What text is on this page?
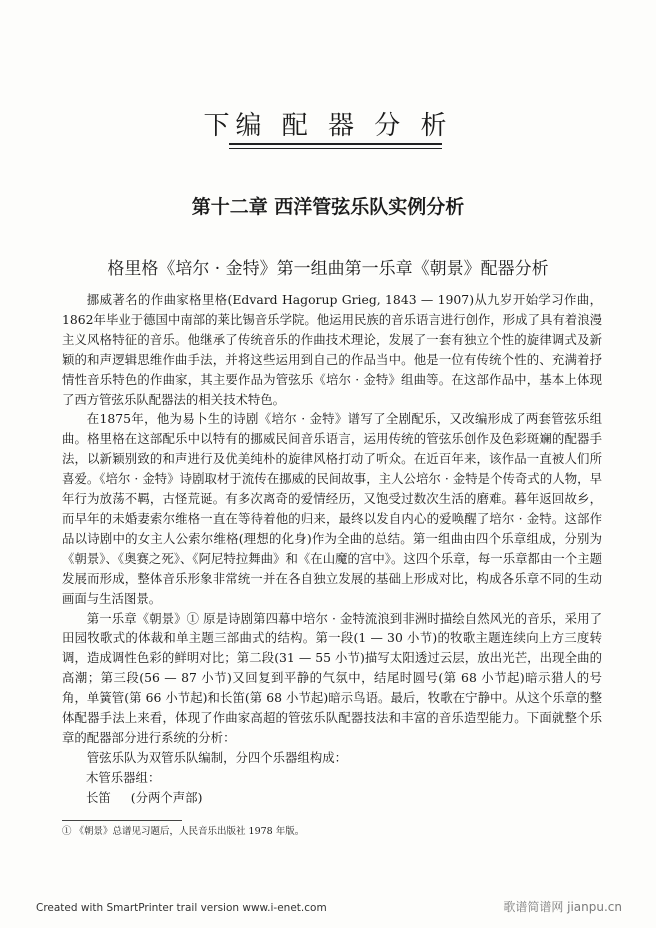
下编 配 器 分 析
第十二章 西洋管弦乐队实例分析
格里格《培尔 · 金特》第一组曲第一乐章《朝景》配器分析

挪威著名的作曲家格里格(Edvard Hagorup Grieg, 1843 — 1907)从九岁开始学习作曲，1862年毕业于德国中南部的莱比锡音乐学院。他运用民族的音乐语言进行创作，形成了具有着浪漫主义风格特征的音乐。他继承了传统音乐的作曲技术理论，发展了一套有独立个性的旋律调式及新颖的和声逻辑思维作曲手法，并将这些运用到自己的作品当中。他是一位有传统个性的、充满着抒情性音乐特色的作曲家，其主要作品为管弦乐《培尔 · 金特》组曲等。在这部作品中，基本上体现了西方管弦乐队配器法的相关技术特色。

在1875年，他为易卜生的诗剧《培尔 · 金特》谱写了全剧配乐，又改编形成了两套管弦乐组曲。格里格在这部配乐中以特有的挪威民间音乐语言，运用传统的管弦乐创作及色彩斑斓的配器手法，以新颖别致的和声进行及优美纯朴的旋律风格打动了听众。在近百年来，该作品一直被人们所喜爱。《培尔 · 金特》诗剧取材于流传在挪威的民间故事，主人公培尔 · 金特是个传奇式的人物，早年行为放荡不羁，古怪荒诞。有多次离奇的爱情经历，又饱受过数次生活的磨难。暮年返回故乡，而早年的未婚妻索尔维格一直在等待着他的归来，最终以发自内心的爱唤醒了培尔 · 金特。这部作品以诗剧中的女主人公索尔维格(理想的化身)作为全曲的总结。第一组曲由四个乐章组成，分别为《朝景》、《奥赛之死》、《阿尼特拉舞曲》和《在山魔的宫中》。这四个乐章，每一乐章都由一个主题发展而形成，整体音乐形象非常统一并在各自独立发展的基础上形成对比，构成各乐章不同的生动画面与生活图景。

第一乐章《朝景》① 原是诗剧第四幕中培尔 · 金特流浪到非洲时描绘自然风光的音乐，采用了田园牧歌式的体裁和单主题三部曲式的结构。第一段(1 — 30 小节)的牧歌主题连续向上方三度转调，造成调性色彩的鲜明对比；第二段(31 — 55 小节)描写太阳透过云层，放出光芒，出现全曲的高潮；第三段(56 — 87 小节)又回复到平静的气氛中，结尾时圆号(第 68 小节起)暗示猎人的号角，单簧管(第 66 小节起)和长笛(第 68 小节起)暗示鸟语。最后，牧歌在宁静中。从这个乐章的整体配器手法上来看，体现了作曲家高超的管弦乐队配器技法和丰富的音乐造型能力。下面就整个乐章的配器部分进行系统的分析：

管弦乐队为双管乐队编制，分四个乐器组构成：

木管乐器组：
长笛 (分两个声部)
① 《朝景》总谱见习题后，人民音乐出版社 1978 年版。
Created with SmartPrinter trail version www.i-enet.com	歌谱简谱网 jianpu.cn
